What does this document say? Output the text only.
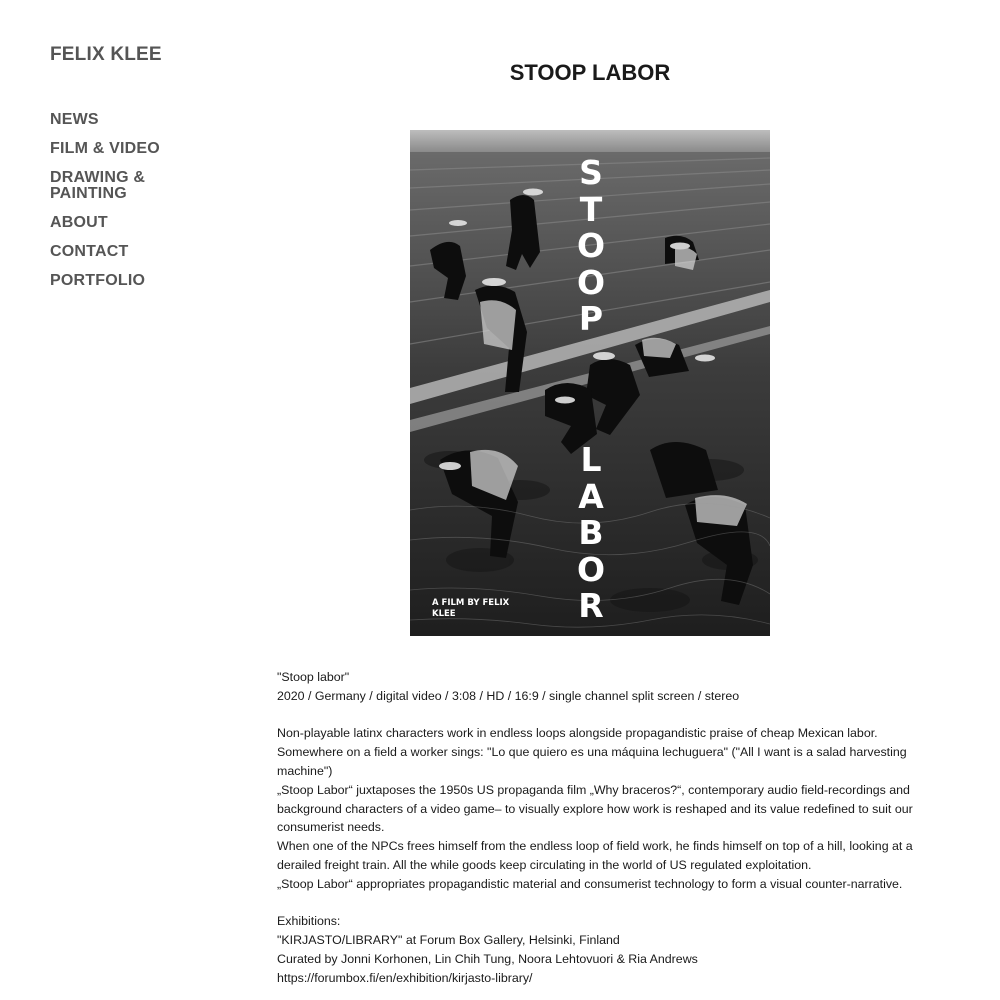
FELIX KLEE
NEWS
FILM & VIDEO
DRAWING & PAINTING
ABOUT
CONTACT
PORTFOLIO
STOOP LABOR
STOOP
LABOR
A FILM BY FELIX KLEE

"Stoop labor"

2020 / Germany / digital video / 3:08 / HD / 16:9 / single channel split screen / stereo

Non-playable latinx characters work in endless loops alongside propagandistic praise of cheap Mexican labor.

Somewhere on a field a worker sings: "Lo que quiero es una máquina lechuguera" ("All I want is a salad harvesting machine")

„Stoop Labor“ juxtaposes the 1950s US propaganda film „Why braceros?“, contemporary audio field-recordings and background characters of a video game– to visually explore how work is reshaped and its value redefined to suit our consumerist needs.

When one of the NPCs frees himself from the endless loop of field work, he finds himself on top of a hill, looking at a derailed freight train. All the while goods keep circulating in the world of US regulated exploitation.

„Stoop Labor“ appropriates propagandistic material and consumerist technology to form a visual counter-narrative.

Exhibitions:

"KIRJASTO/LIBRARY" at Forum Box Gallery, Helsinki, Finland

Curated by Jonni Korhonen, Lin Chih Tung, Noora Lehtovuori & Ria Andrews

https://forumbox.fi/en/exhibition/kirjasto-library/
